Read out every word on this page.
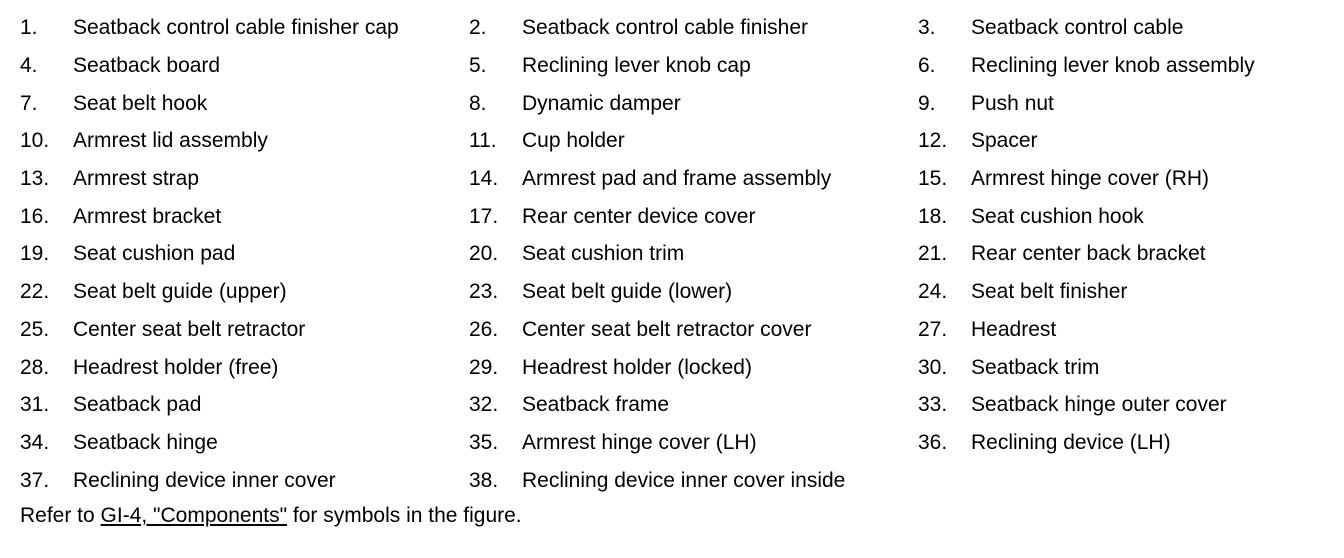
1.	Seatback control cable finisher cap	2.	Seatback control cable finisher	3.	Seatback control cable
4.	Seatback board	5.	Reclining lever knob cap	6.	Reclining lever knob assembly
7.	Seat belt hook	8.	Dynamic damper	9.	Push nut
10.	Armrest lid assembly	11.	Cup holder	12.	Spacer
13.	Armrest strap	14.	Armrest pad and frame assembly	15.	Armrest hinge cover (RH)
16.	Armrest bracket	17.	Rear center device cover	18.	Seat cushion hook
19.	Seat cushion pad	20.	Seat cushion trim	21.	Rear center back bracket
22.	Seat belt guide (upper)	23.	Seat belt guide (lower)	24.	Seat belt finisher
25.	Center seat belt retractor	26.	Center seat belt retractor cover	27.	Headrest
28.	Headrest holder (free)	29.	Headrest holder (locked)	30.	Seatback trim
31.	Seatback pad	32.	Seatback frame	33.	Seatback hinge outer cover
34.	Seatback hinge	35.	Armrest hinge cover (LH)	36.	Reclining device (LH)
37.	Reclining device inner cover	38.	Reclining device inner cover inside
Refer to GI-4, "Components" for symbols in the figure.
